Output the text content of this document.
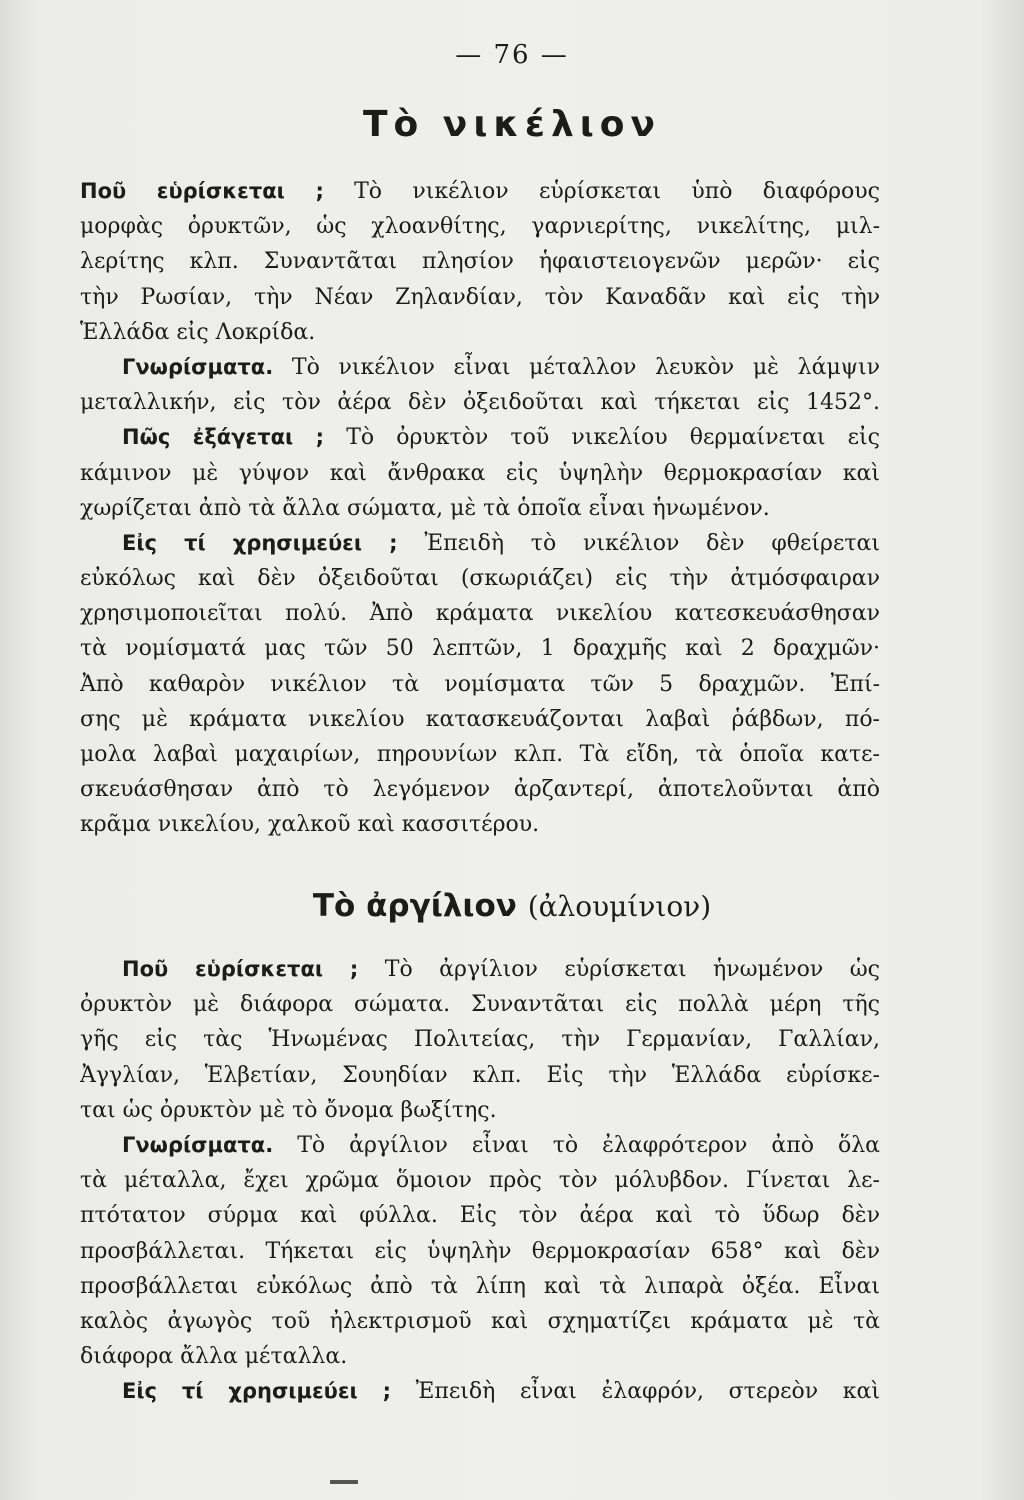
— 76 —
Τὸ νικέλιον
Ποῦ εὑρίσκεται ; Τὸ νικέλιον εὑρίσκεται ὑπὸ διαφόρους
μορφὰς ὀρυκτῶν, ὡς χλοανθίτης, γαρνιερίτης, νικελίτης, μιλ-
λερίτης κλπ. Συναντᾶται πλησίον ἡφαιστειογενῶν μερῶν· εἰς
τὴν Ρωσίαν, τὴν Νέαν Ζηλανδίαν, τὸν Καναδᾶν καὶ εἰς τὴν
Ἑλλάδα εἰς Λοκρίδα.
Γνωρίσματα. Τὸ νικέλιον εἶναι μέταλλον λευκὸν μὲ λάμψιν
μεταλλικήν, εἰς τὸν ἀέρα δὲν ὀξειδοῦται καὶ τήκεται εἰς 1452°.
Πῶς ἐξάγεται ; Τὸ ὀρυκτὸν τοῦ νικελίου θερμαίνεται εἰς
κάμινον μὲ γύψον καὶ ἄνθρακα εἰς ὑψηλὴν θερμοκρασίαν καὶ
χωρίζεται ἀπὸ τὰ ἄλλα σώματα, μὲ τὰ ὁποῖα εἶναι ἡνωμένον.
Εἰς τί χρησιμεύει ; Ἐπειδὴ τὸ νικέλιον δὲν φθείρεται
εὐκόλως καὶ δὲν ὀξειδοῦται (σκωριάζει) εἰς τὴν ἀτμόσφαιραν
χρησιμοποιεῖται πολύ. Ἀπὸ κράματα νικελίου κατεσκευάσθησαν
τὰ νομίσματά μας τῶν 50 λεπτῶν, 1 δραχμῆς καὶ 2 δραχμῶν·
Ἀπὸ καθαρὸν νικέλιον τὰ νομίσματα τῶν 5 δραχμῶν. Ἐπί-
σης μὲ κράματα νικελίου κατασκευάζονται λαβαὶ ῥάβδων, πό-
μολα λαβαὶ μαχαιρίων, πηρουνίων κλπ. Τὰ εἴδη, τὰ ὁποῖα κατε-
σκευάσθησαν ἀπὸ τὸ λεγόμενον ἀρζαντερί, ἀποτελοῦνται ἀπὸ
κρᾶμα νικελίου, χαλκοῦ καὶ κασσιτέρου.
Τὸ ἀργίλιον (ἀλουμίνιον)
Ποῦ εὑρίσκεται ; Τὸ ἀργίλιον εὑρίσκεται ἡνωμένον ὡς
ὀρυκτὸν μὲ διάφορα σώματα. Συναντᾶται εἰς πολλὰ μέρη τῆς
γῆς εἰς τὰς Ἡνωμένας Πολιτείας, τὴν Γερμανίαν, Γαλλίαν,
Ἀγγλίαν, Ἑλβετίαν, Σουηδίαν κλπ. Εἰς τὴν Ἑλλάδα εὑρίσκε-
ται ὡς ὀρυκτὸν μὲ τὸ ὄνομα βωξίτης.
Γνωρίσματα. Τὸ ἀργίλιον εἶναι τὸ ἐλαφρότερον ἀπὸ ὅλα
τὰ μέταλλα, ἔχει χρῶμα ὅμοιον πρὸς τὸν μόλυβδον. Γίνεται λε-
πτότατον σύρμα καὶ φύλλα. Εἰς τὸν ἀέρα καὶ τὸ ὕδωρ δὲν
προσβάλλεται. Τήκεται εἰς ὑψηλὴν θερμοκρασίαν 658° καὶ δὲν
προσβάλλεται εὐκόλως ἀπὸ τὰ λίπη καὶ τὰ λιπαρὰ ὀξέα. Εἶναι
καλὸς ἀγωγὸς τοῦ ἠλεκτρισμοῦ καὶ σχηματίζει κράματα μὲ τὰ
διάφορα ἄλλα μέταλλα.
Εἰς τί χρησιμεύει ; Ἐπειδὴ εἶναι ἐλαφρόν, στερεὸν καὶ
